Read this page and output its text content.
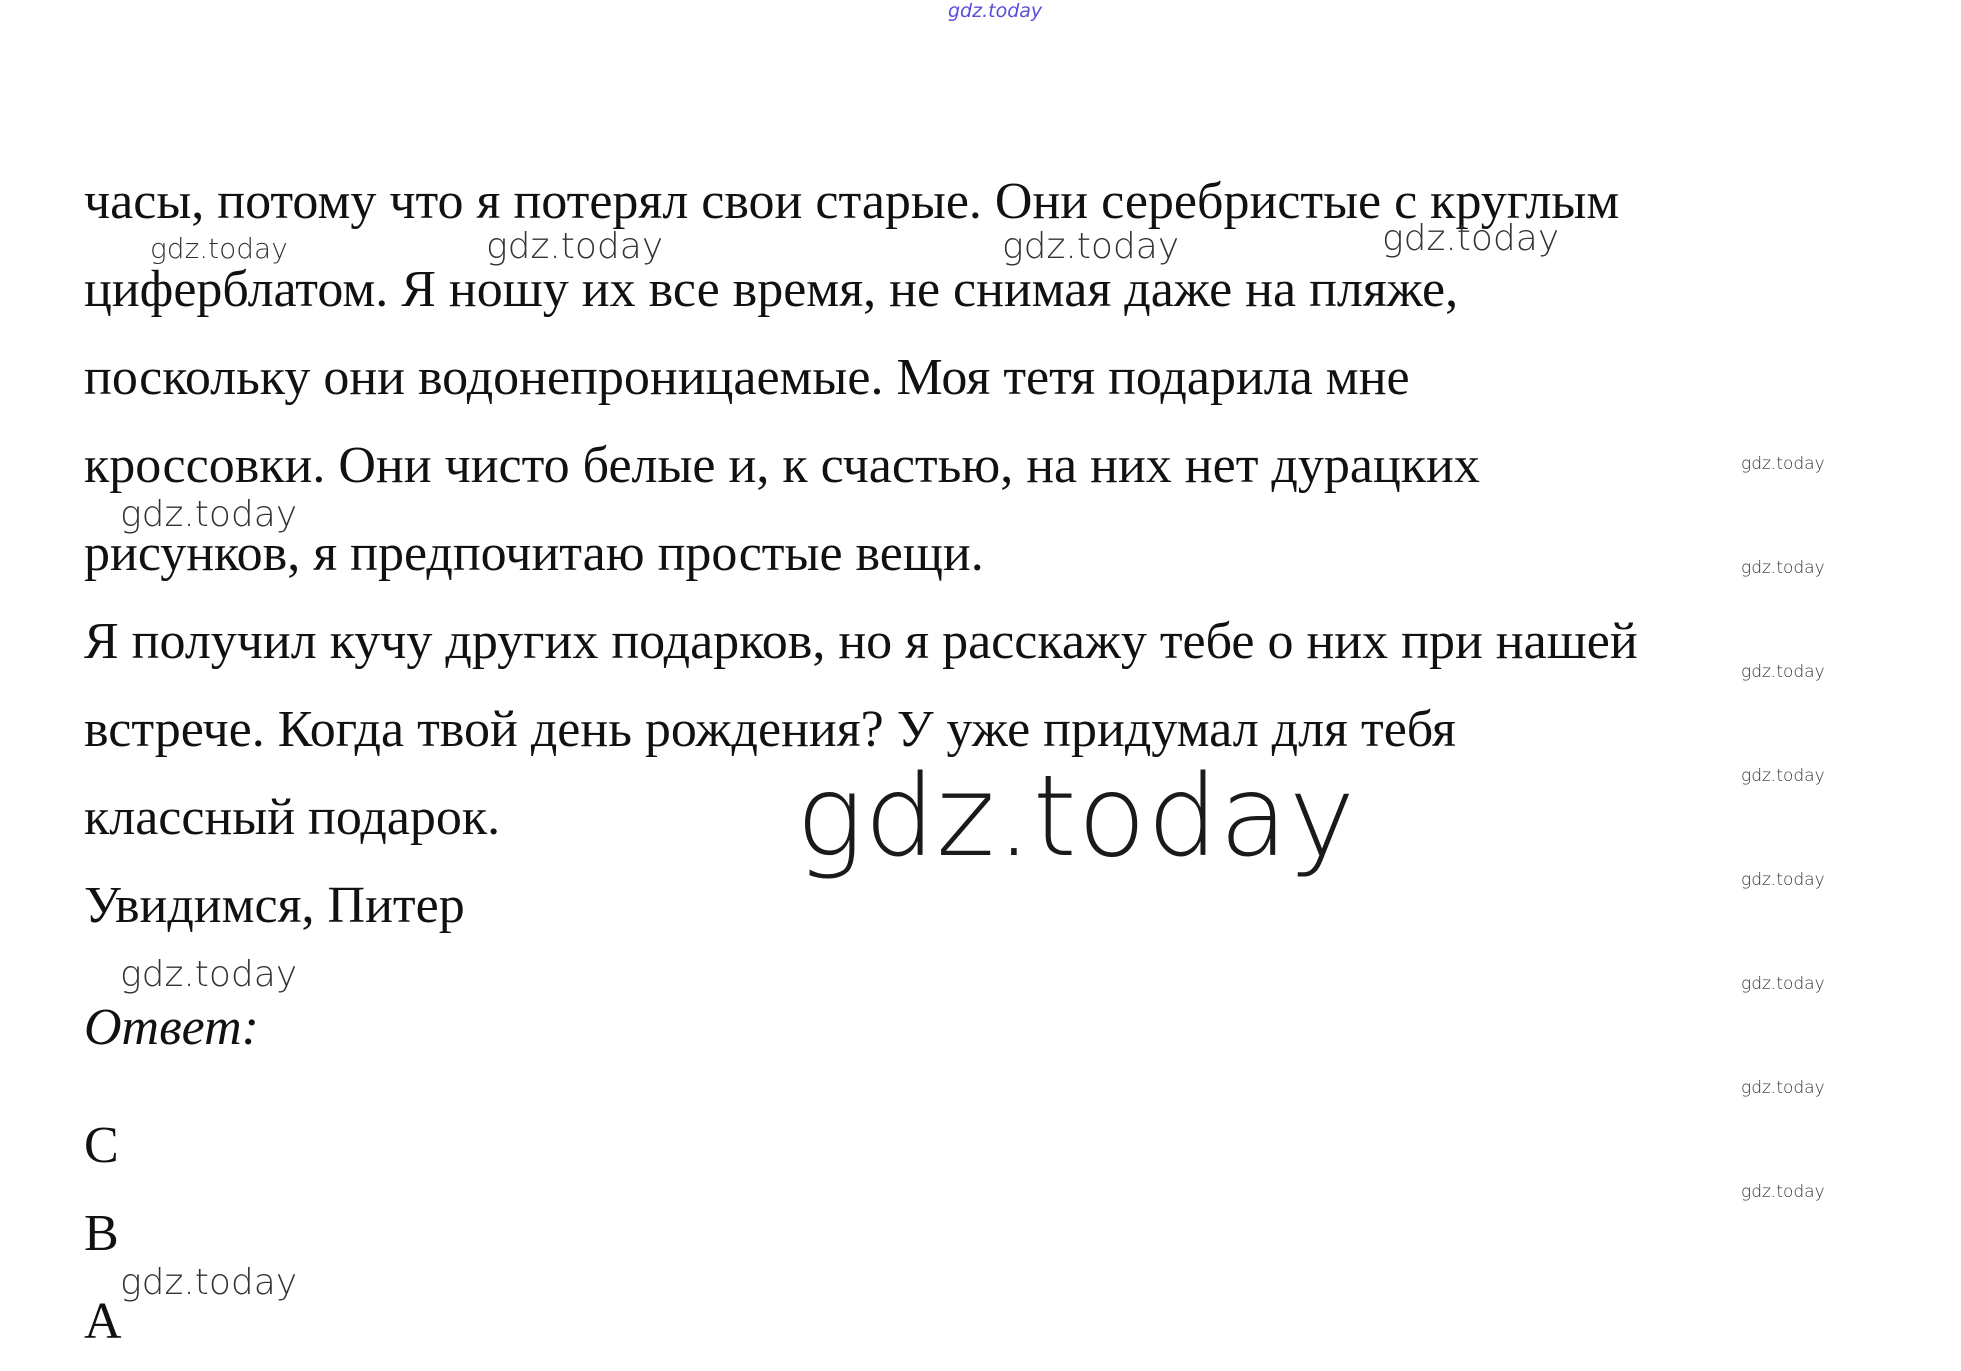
gdz.today
часы, потому что я потерял свои старые. Они серебристые с круглым
циферблатом. Я ношу их все время, не снимая даже на пляже,
поскольку они водонепроницаемые. Моя тетя подарила мне
кроссовки. Они чисто белые и, к счастью, на них нет дурацких
рисунков, я предпочитаю простые вещи.
Я получил кучу других подарков, но я расскажу тебе о них при нашей
встрече. Когда твой день рождения? У уже придумал для тебя
классный подарок.
Увидимся, Питер
Ответ:
C
B
A
gdz.today	gdz.today	gdz.today	gdz.today
gdz.today
gdz.today
gdz.today
gdz.today
gdz.today
gdz.today
gdz.today
gdz.today
gdz.today
gdz.today
gdz.today
gdz.today
